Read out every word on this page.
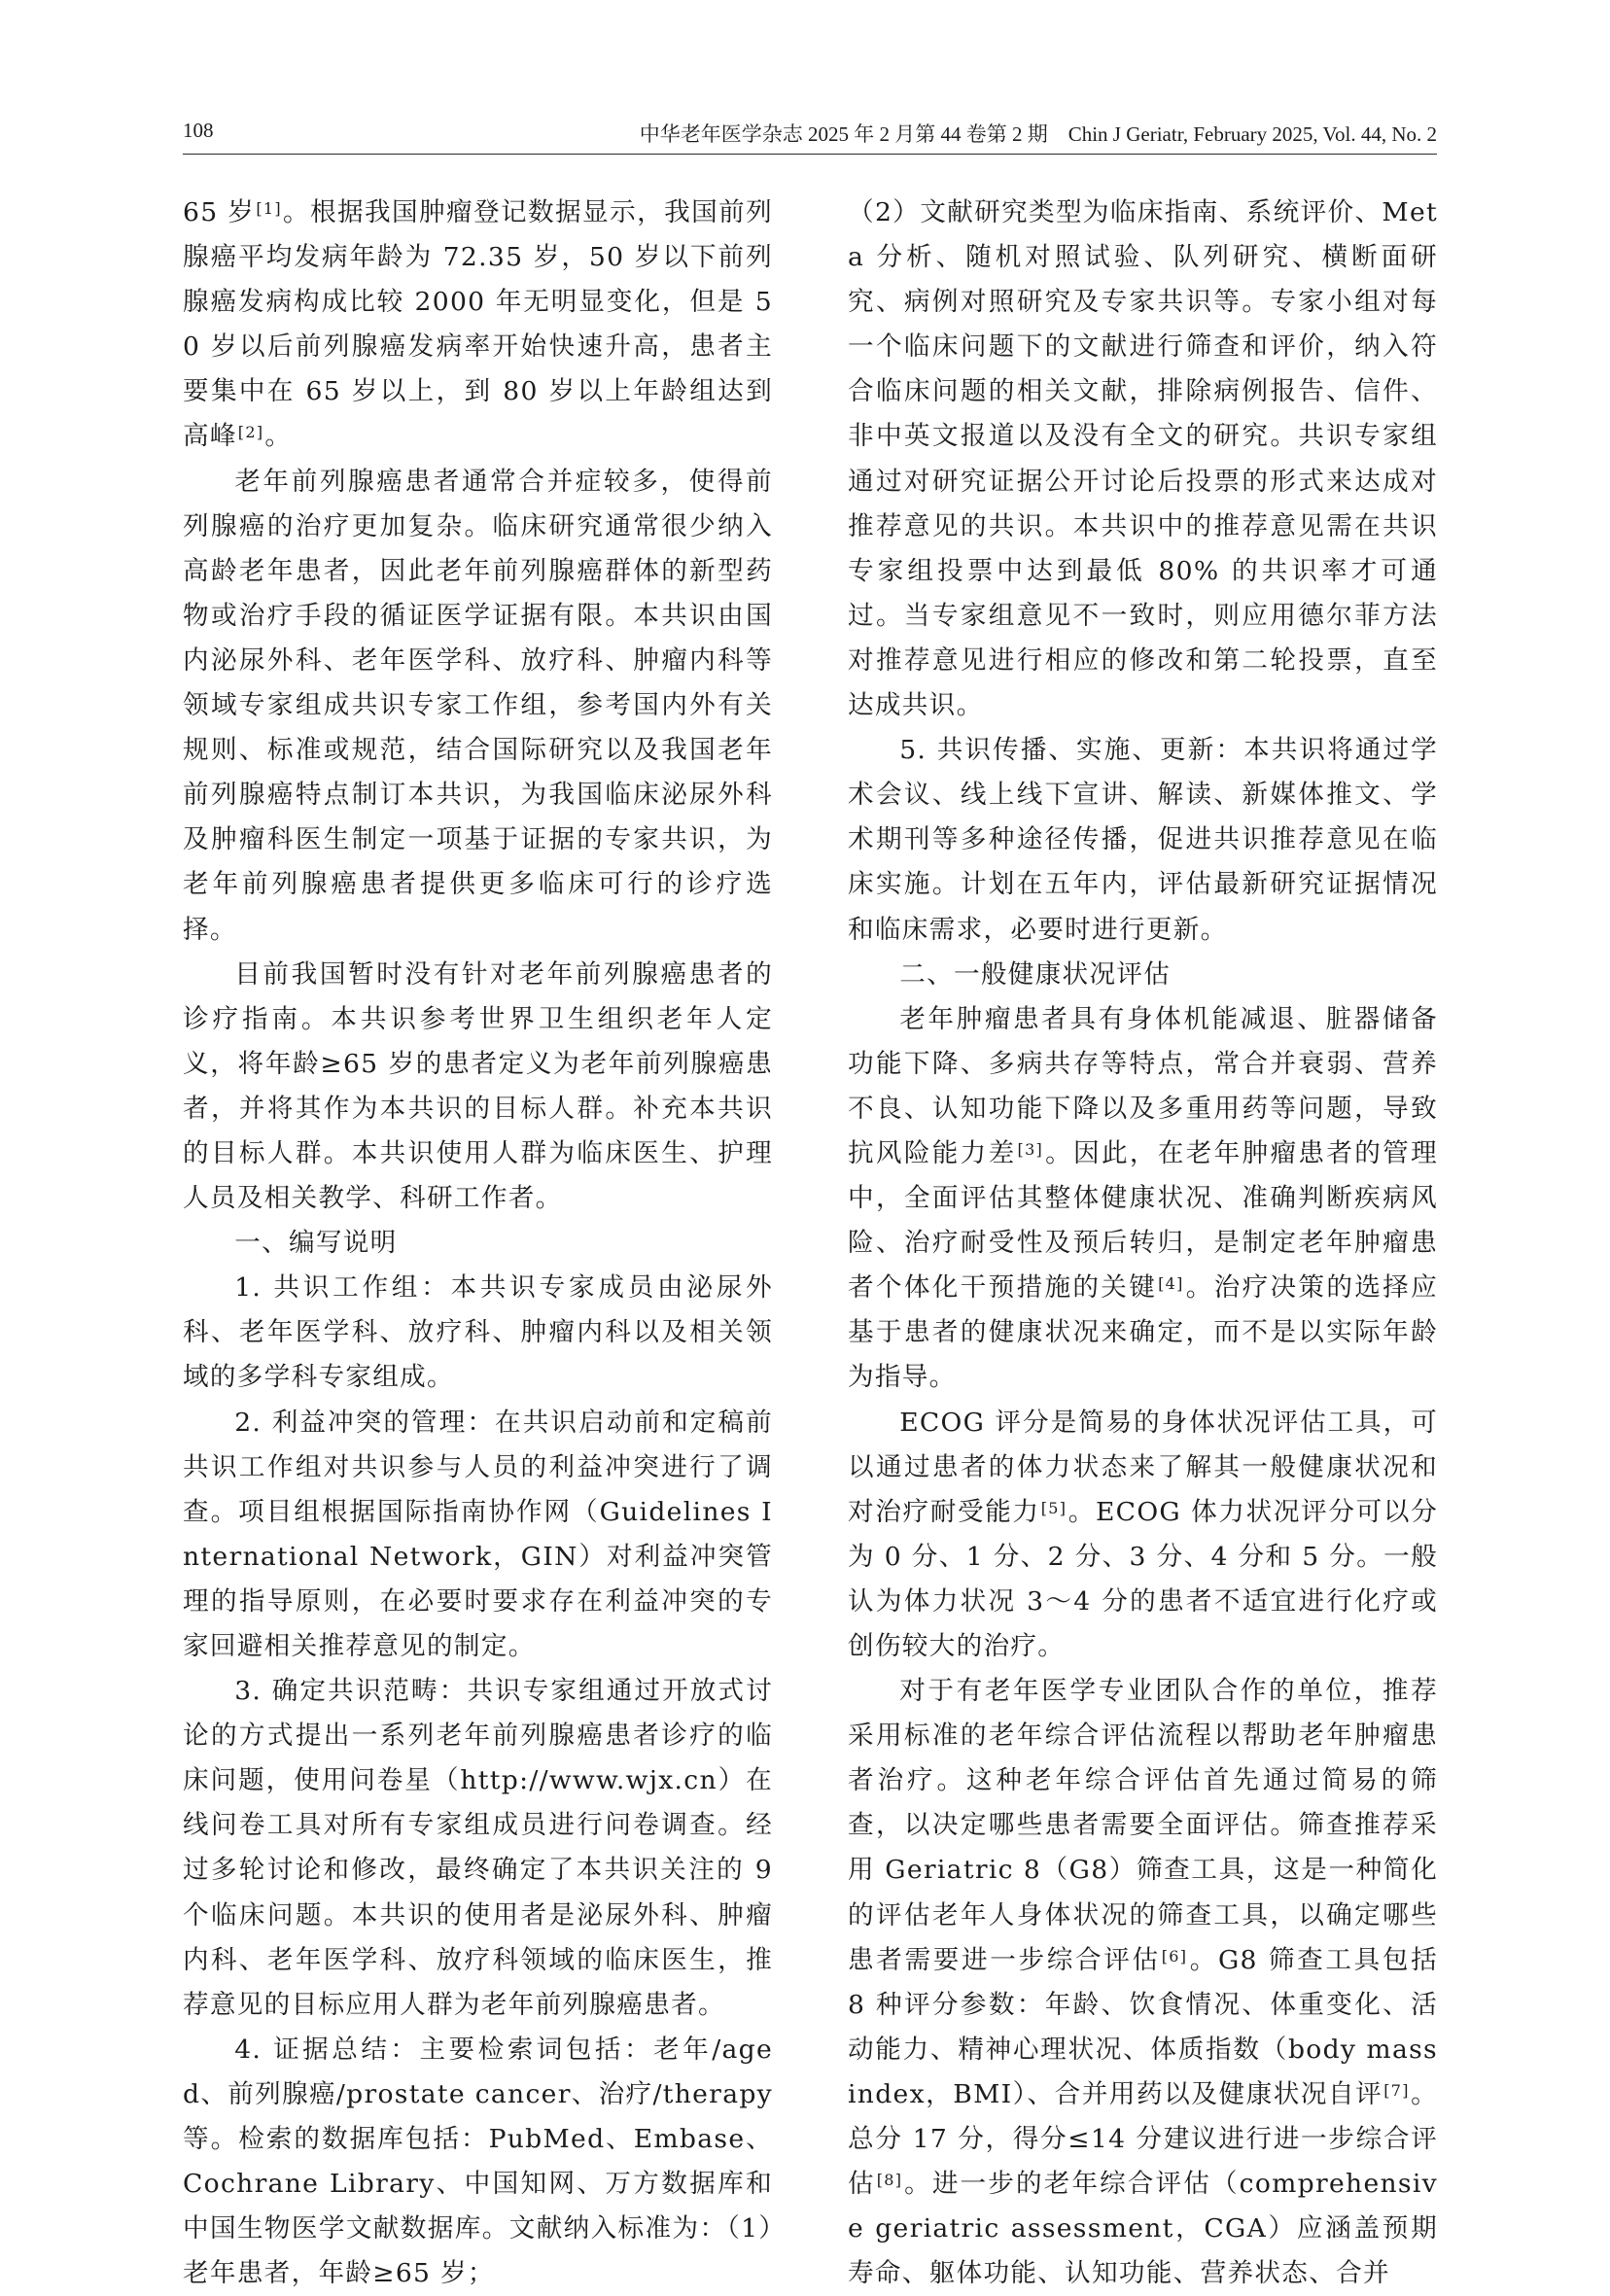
108	中华老年医学杂志 2025 年 2 月第 44 卷第 2 期　Chin J Geriatr, February 2025, Vol. 44, No. 2

65 岁[1]。根据我国肿瘤登记数据显示，我国前列腺癌平均发病年龄为 72.35 岁，50 岁以下前列腺癌发病构成比较 2000 年无明显变化，但是 50 岁以后前列腺癌发病率开始快速升高，患者主要集中在 65 岁以上，到 80 岁以上年龄组达到高峰[2]。

老年前列腺癌患者通常合并症较多，使得前列腺癌的治疗更加复杂。临床研究通常很少纳入高龄老年患者，因此老年前列腺癌群体的新型药物或治疗手段的循证医学证据有限。本共识由国内泌尿外科、老年医学科、放疗科、肿瘤内科等领域专家组成共识专家工作组，参考国内外有关规则、标准或规范，结合国际研究以及我国老年前列腺癌特点制订本共识，为我国临床泌尿外科及肿瘤科医生制定一项基于证据的专家共识，为老年前列腺癌患者提供更多临床可行的诊疗选择。

目前我国暂时没有针对老年前列腺癌患者的诊疗指南。本共识参考世界卫生组织老年人定义，将年龄≥65 岁的患者定义为老年前列腺癌患者，并将其作为本共识的目标人群。补充本共识的目标人群。本共识使用人群为临床医生、护理人员及相关教学、科研工作者。

一、编写说明

1. 共识工作组：本共识专家成员由泌尿外科、老年医学科、放疗科、肿瘤内科以及相关领域的多学科专家组成。

2. 利益冲突的管理：在共识启动前和定稿前共识工作组对共识参与人员的利益冲突进行了调查。项目组根据国际指南协作网（Guidelines International Network，GIN）对利益冲突管理的指导原则，在必要时要求存在利益冲突的专家回避相关推荐意见的制定。

3. 确定共识范畴：共识专家组通过开放式讨论的方式提出一系列老年前列腺癌患者诊疗的临床问题，使用问卷星（http://www.wjx.cn）在线问卷工具对所有专家组成员进行问卷调查。经过多轮讨论和修改，最终确定了本共识关注的 9 个临床问题。本共识的使用者是泌尿外科、肿瘤内科、老年医学科、放疗科领域的临床医生，推荐意见的目标应用人群为老年前列腺癌患者。

4. 证据总结：主要检索词包括：老年/aged、前列腺癌/prostate cancer、治疗/therapy 等。检索的数据库包括：PubMed、Embase、Cochrane Library、中国知网、万方数据库和中国生物医学文献数据库。文献纳入标准为：（1）老年患者，年龄≥65 岁；

（2）文献研究类型为临床指南、系统评价、Meta 分析、随机对照试验、队列研究、横断面研究、病例对照研究及专家共识等。专家小组对每一个临床问题下的文献进行筛查和评价，纳入符合临床问题的相关文献，排除病例报告、信件、非中英文报道以及没有全文的研究。共识专家组通过对研究证据公开讨论后投票的形式来达成对推荐意见的共识。本共识中的推荐意见需在共识专家组投票中达到最低 80% 的共识率才可通过。当专家组意见不一致时，则应用德尔菲方法对推荐意见进行相应的修改和第二轮投票，直至达成共识。

5. 共识传播、实施、更新：本共识将通过学术会议、线上线下宣讲、解读、新媒体推文、学术期刊等多种途径传播，促进共识推荐意见在临床实施。计划在五年内，评估最新研究证据情况和临床需求，必要时进行更新。

二、一般健康状况评估

老年肿瘤患者具有身体机能减退、脏器储备功能下降、多病共存等特点，常合并衰弱、营养不良、认知功能下降以及多重用药等问题，导致抗风险能力差[3]。因此，在老年肿瘤患者的管理中，全面评估其整体健康状况、准确判断疾病风险、治疗耐受性及预后转归，是制定老年肿瘤患者个体化干预措施的关键[4]。治疗决策的选择应基于患者的健康状况来确定，而不是以实际年龄为指导。

ECOG 评分是简易的身体状况评估工具，可以通过患者的体力状态来了解其一般健康状况和对治疗耐受能力[5]。ECOG 体力状况评分可以分为 0 分、1 分、2 分、3 分、4 分和 5 分。一般认为体力状况 3～4 分的患者不适宜进行化疗或创伤较大的治疗。

对于有老年医学专业团队合作的单位，推荐采用标准的老年综合评估流程以帮助老年肿瘤患者治疗。这种老年综合评估首先通过简易的筛查，以决定哪些患者需要全面评估。筛查推荐采用 Geriatric 8（G8）筛查工具，这是一种简化的评估老年人身体状况的筛查工具，以确定哪些患者需要进一步综合评估[6]。G8 筛查工具包括 8 种评分参数：年龄、饮食情况、体重变化、活动能力、精神心理状况、体质指数（body mass index，BMI）、合并用药以及健康状况自评[7]。总分 17 分，得分≤14 分建议进行进一步综合评估[8]。进一步的老年综合评估（comprehensive geriatric assessment，CGA）应涵盖预期寿命、躯体功能、认知功能、营养状态、合并
